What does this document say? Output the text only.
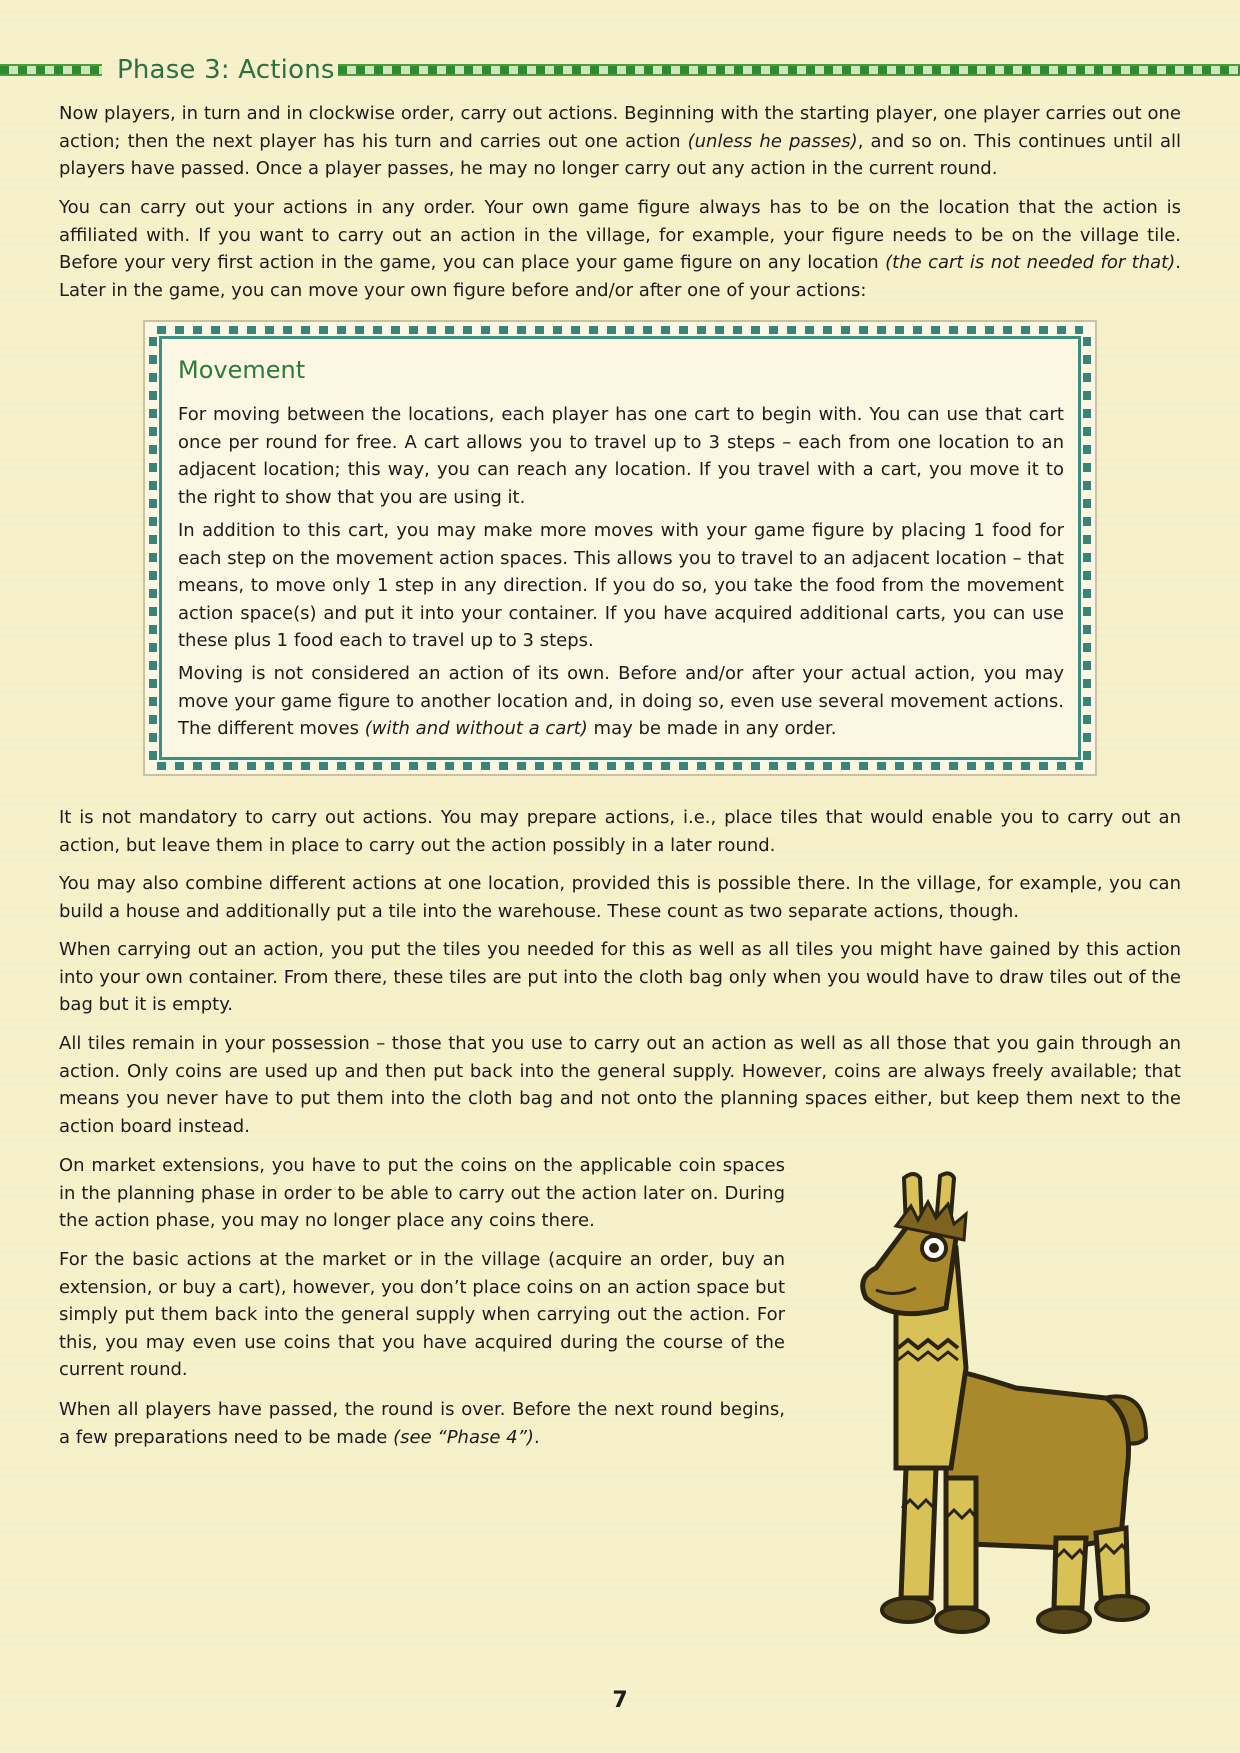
Phase 3: Actions

Now players, in turn and in clockwise order, carry out actions. Beginning with the starting player, one player carries out one action; then the next player has his turn and carries out one action (unless he passes), and so on. This continues until all players have passed. Once a player passes, he may no longer carry out any action in the current round.

You can carry out your actions in any order. Your own game figure always has to be on the location that the action is affiliated with. If you want to carry out an action in the village, for example, your figure needs to be on the village tile. Before your very first action in the game, you can place your game figure on any location (the cart is not needed for that). Later in the game, you can move your own figure before and/or after one of your actions:

Movement

For moving between the locations, each player has one cart to begin with. You can use that cart once per round for free. A cart allows you to travel up to 3 steps – each from one location to an adjacent location; this way, you can reach any location. If you travel with a cart, you move it to the right to show that you are using it.

In addition to this cart, you may make more moves with your game figure by placing 1 food for each step on the movement action spaces. This allows you to travel to an adjacent location – that means, to move only 1 step in any direction. If you do so, you take the food from the movement action space(s) and put it into your container. If you have acquired additional carts, you can use these plus 1 food each to travel up to 3 steps.

Moving is not considered an action of its own. Before and/or after your actual action, you may move your game figure to another location and, in doing so, even use several movement actions. The different moves (with and without a cart) may be made in any order.

It is not mandatory to carry out actions. You may prepare actions, i.e., place tiles that would enable you to carry out an action, but leave them in place to carry out the action possibly in a later round.

You may also combine different actions at one location, provided this is possible there. In the village, for example, you can build a house and additionally put a tile into the warehouse. These count as two separate actions, though.

When carrying out an action, you put the tiles you needed for this as well as all tiles you might have gained by this action into your own container. From there, these tiles are put into the cloth bag only when you would have to draw tiles out of the bag but it is empty.

All tiles remain in your possession – those that you use to carry out an action as well as all those that you gain through an action. Only coins are used up and then put back into the general supply. However, coins are always freely available; that means you never have to put them into the cloth bag and not onto the planning spaces either, but keep them next to the action board instead.

On market extensions, you have to put the coins on the applicable coin spaces in the planning phase in order to be able to carry out the action later on. During the action phase, you may no longer place any coins there.

For the basic actions at the market or in the village (acquire an order, buy an extension, or buy a cart), however, you don’t place coins on an action space but simply put them back into the general supply when carrying out the action. For this, you may even use coins that you have acquired during the course of the current round.

When all players have passed, the round is over. Before the next round begins, a few preparations need to be made (see “Phase 4”).

7
